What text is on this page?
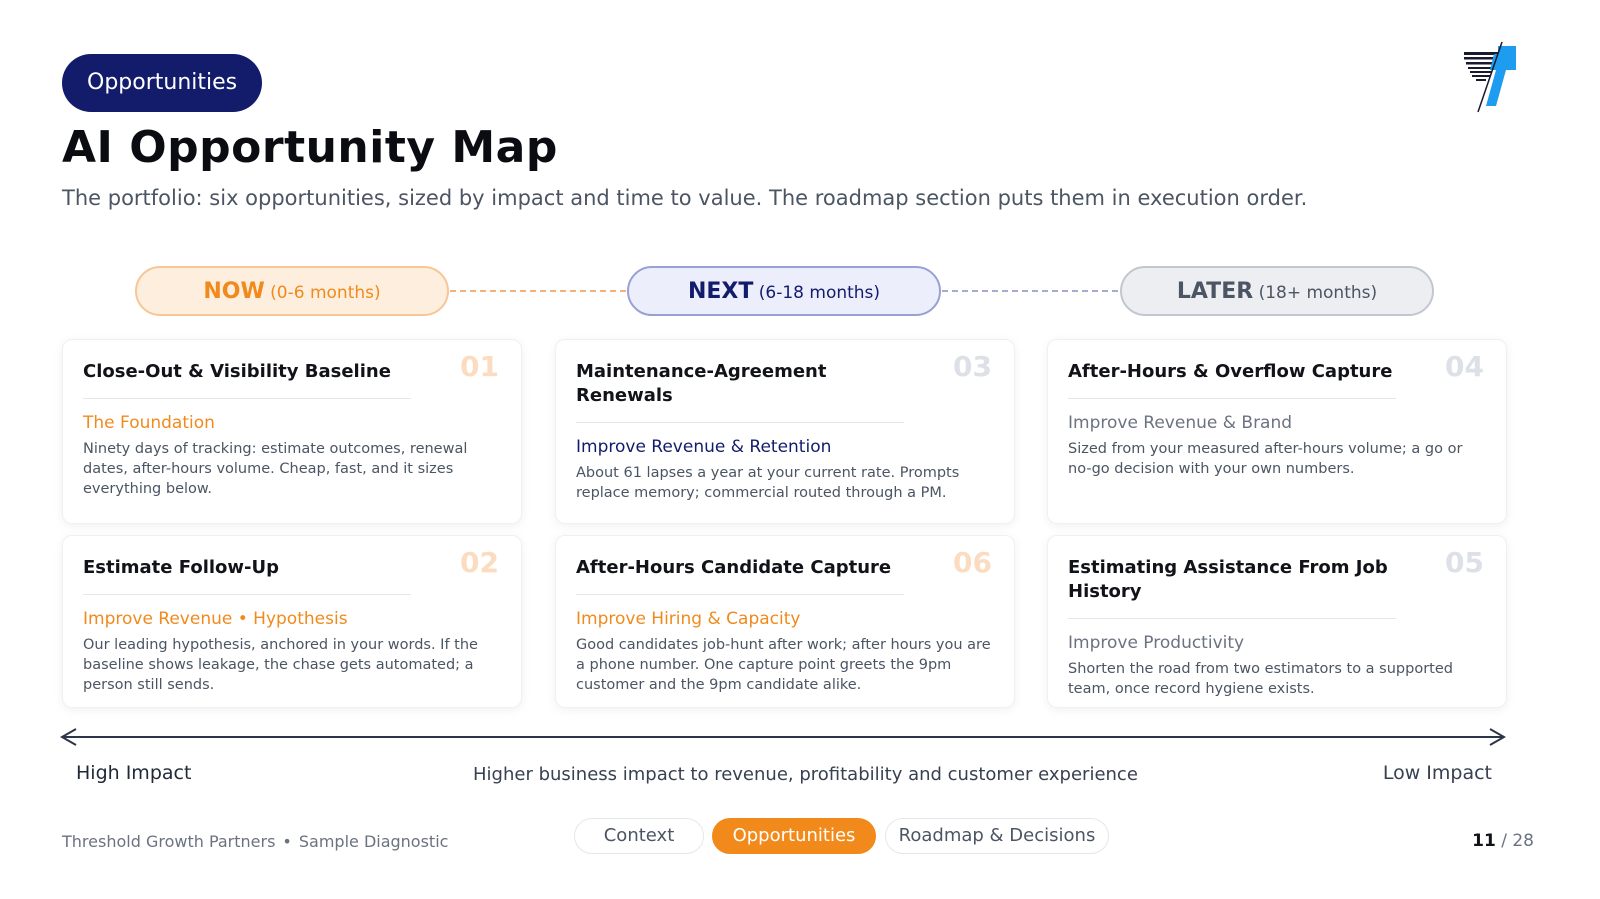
Opportunities
AI Opportunity Map

The portfolio: six opportunities, sized by impact and time to value. The roadmap section puts them in execution order.

NOW (0-6 months)	NEXT (6-18 months)	LATER (18+ months)
01
Close-Out & Visibility Baseline
The Foundation
Ninety days of tracking: estimate outcomes, renewal dates, after-hours volume. Cheap, fast, and it sizes everything below.
03
Maintenance-Agreement Renewals
Improve Revenue & Retention
About 61 lapses a year at your current rate. Prompts replace memory; commercial routed through a PM.
04
After-Hours & Overflow Capture
Improve Revenue & Brand
Sized from your measured after-hours volume; a go or no-go decision with your own numbers.
02
Estimate Follow-Up
Improve Revenue • Hypothesis
Our leading hypothesis, anchored in your words. If the baseline shows leakage, the chase gets automated; a person still sends.
06
After-Hours Candidate Capture
Improve Hiring & Capacity
Good candidates job-hunt after work; after hours you are a phone number. One capture point greets the 9pm customer and the 9pm candidate alike.
05
Estimating Assistance From Job History
Improve Productivity
Shorten the road from two estimators to a supported team, once record hygiene exists.
High Impact	Higher business impact to revenue, profitability and customer experience	Low Impact
Threshold Growth Partners • Sample Diagnostic	Context	Opportunities	Roadmap & Decisions	11 / 28
